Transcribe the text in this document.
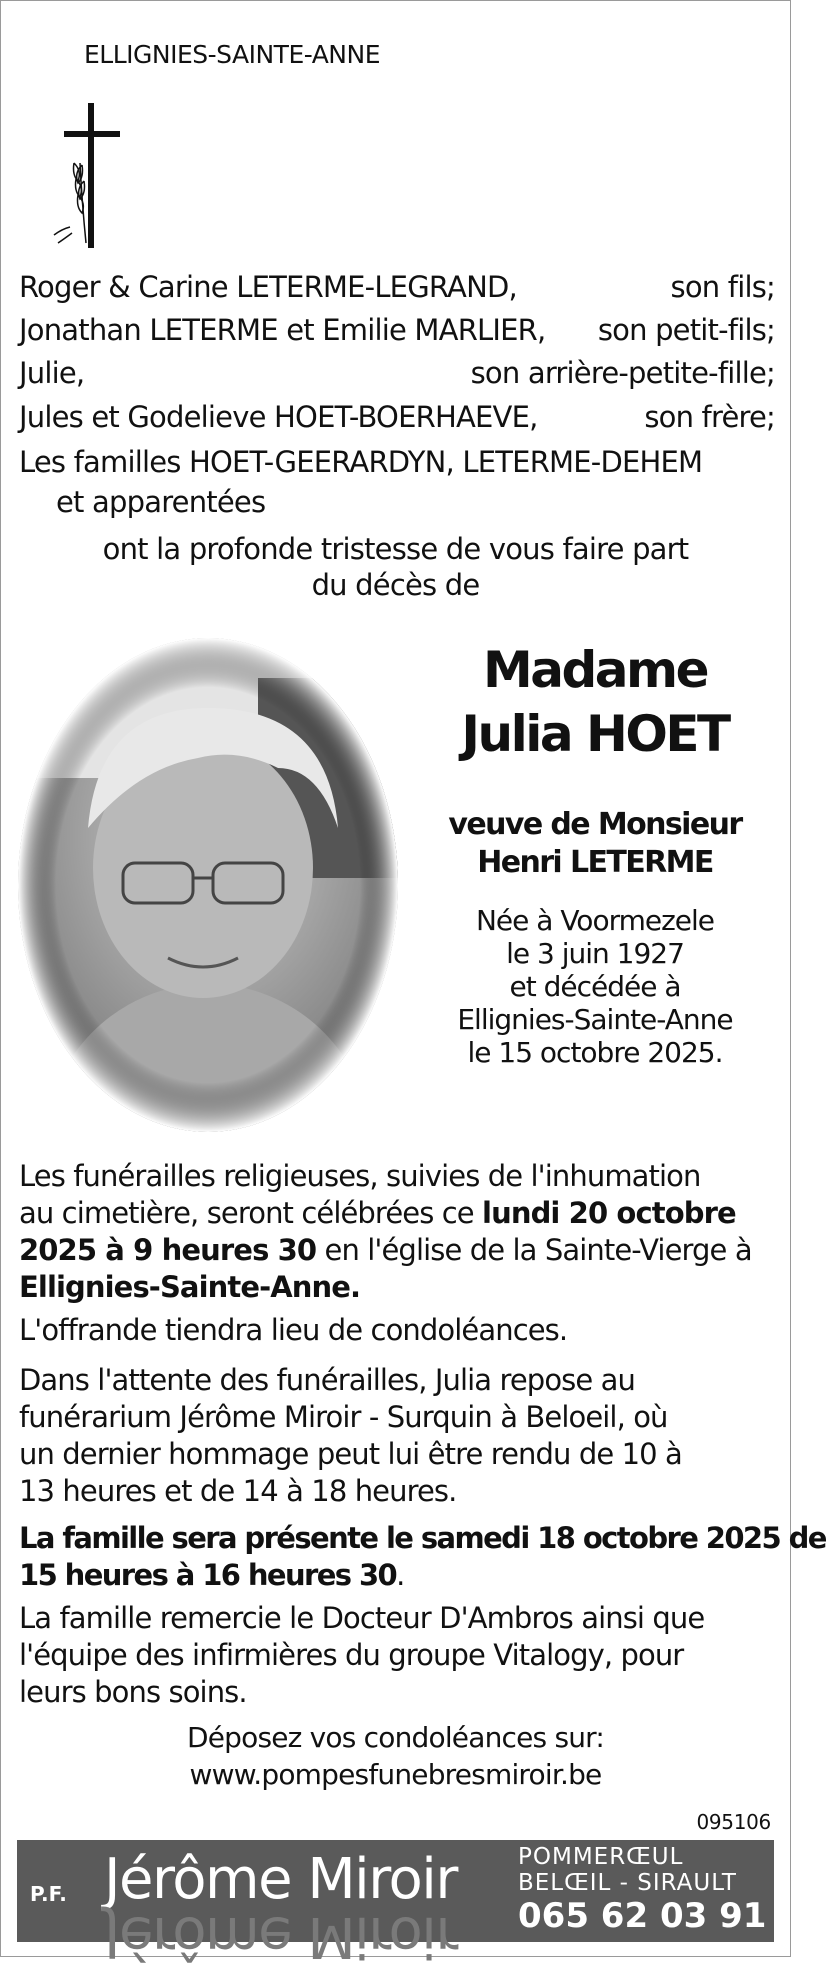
ELLIGNIES-SAINTE-ANNE
Roger & Carine LETERME-LEGRAND,	son fils;
Jonathan LETERME et Emilie MARLIER, son petit-fils;
Julie,	son arrière-petite-fille;
Jules et Godelieve HOET-BOERHAEVE,	son frère;
Les familles HOET-GEERARDYN, LETERME-DEHEM
et apparentées
ont la profonde tristesse de vous faire part
du décès de
Madame
Julia HOET
veuve de Monsieur
Henri LETERME
Née à Voormezele
le 3 juin 1927
et décédée à
Ellignies-Sainte-Anne
le 15 octobre 2025.
Les funérailles religieuses, suivies de l'inhumation
au cimetière, seront célébrées ce lundi 20 octobre
2025 à 9 heures 30 en l'église de la Sainte-Vierge à
Ellignies-Sainte-Anne.
L'offrande tiendra lieu de condoléances.
Dans l'attente des funérailles, Julia repose au
funérarium Jérôme Miroir - Surquin à Beloeil, où
un dernier hommage peut lui être rendu de 10 à
13 heures et de 14 à 18 heures.
La famille sera présente le samedi 18 octobre 2025 de
15 heures à 16 heures 30.
La famille remercie le Docteur D'Ambros ainsi que
l'équipe des infirmières du groupe Vitalogy, pour
leurs bons soins.
Déposez vos condoléances sur:
www.pompesfunebresmiroir.be
095106
P.F. Jérôme Miroir
Jérôme Miroir
POMMERŒUL
BELŒIL - SIRAULT
065 62 03 91
